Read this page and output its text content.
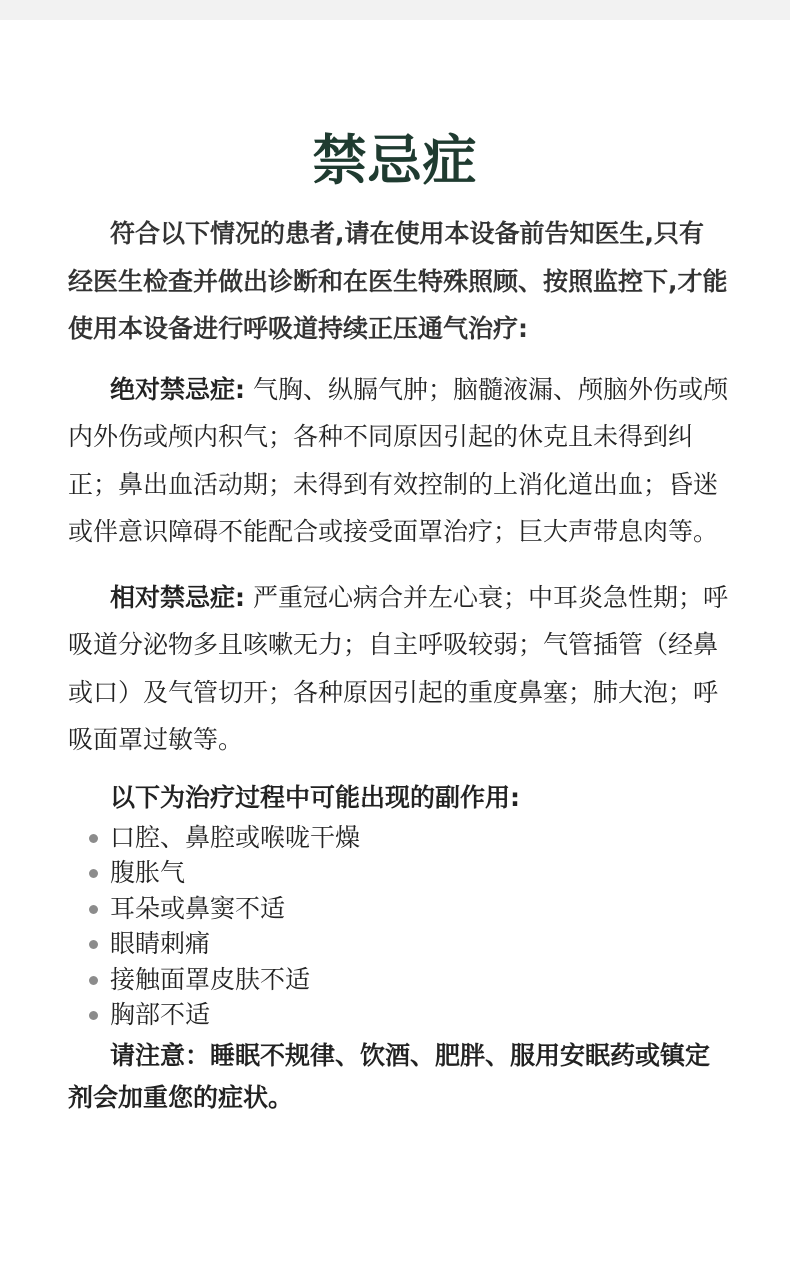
禁忌症

符合以下情况的患者,请在使用本设备前告知医生,只有经医生检查并做出诊断和在医生特殊照顾、按照监控下,才能使用本设备进行呼吸道持续正压通气治疗:

绝对禁忌症: 气胸、纵膈气肿；脑髓液漏、颅脑外伤或颅内外伤或颅内积气；各种不同原因引起的休克且未得到纠正；鼻出血活动期；未得到有效控制的上消化道出血；昏迷或伴意识障碍不能配合或接受面罩治疗；巨大声带息肉等。

相对禁忌症: 严重冠心病合并左心衰；中耳炎急性期；呼吸道分泌物多且咳嗽无力；自主呼吸较弱；气管插管（经鼻或口）及气管切开；各种原因引起的重度鼻塞；肺大泡；呼吸面罩过敏等。

以下为治疗过程中可能出现的副作用:

口腔、鼻腔或喉咙干燥
腹胀气
耳朵或鼻窦不适
眼睛刺痛
接触面罩皮肤不适
胸部不适

请注意：睡眠不规律、饮酒、肥胖、服用安眠药或镇定剂会加重您的症状。
